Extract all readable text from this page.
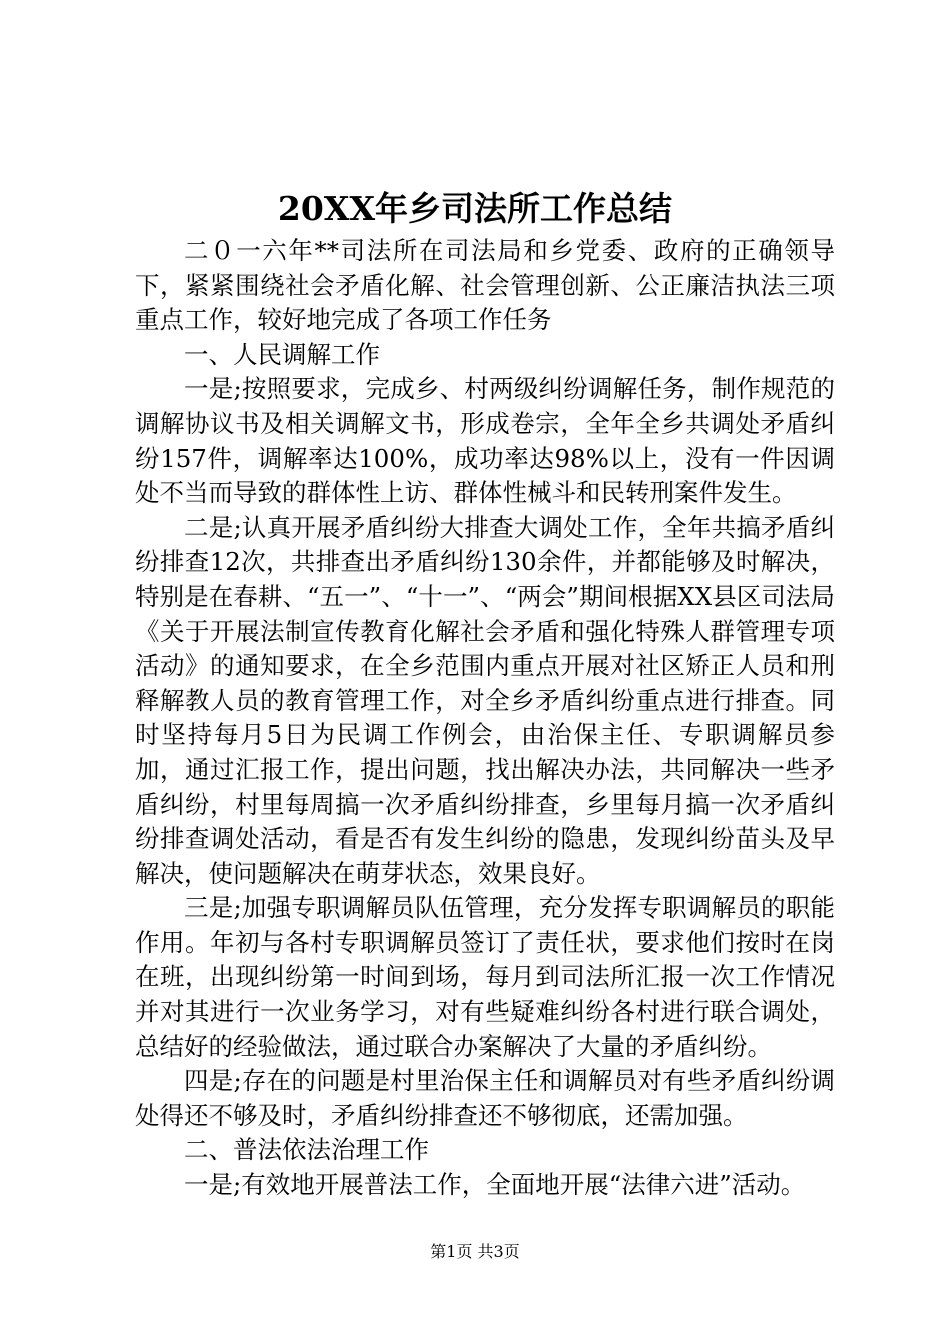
20XX年乡司法所工作总结

二０一六年**司法所在司法局和乡党委、政府的正确领导下，紧紧围绕社会矛盾化解、社会管理创新、公正廉洁执法三项重点工作，较好地完成了各项工作任务

一、人民调解工作

一是;按照要求，完成乡、村两级纠纷调解任务，制作规范的调解协议书及相关调解文书，形成卷宗，全年全乡共调处矛盾纠纷157件，调解率达100%，成功率达98%以上，没有一件因调处不当而导致的群体性上访、群体性械斗和民转刑案件发生。

二是;认真开展矛盾纠纷大排查大调处工作，全年共搞矛盾纠纷排查12次，共排查出矛盾纠纷130余件，并都能够及时解决，特别是在春耕、“五一”、“十一”、“两会”期间根据XX县区司法局《关于开展法制宣传教育化解社会矛盾和强化特殊人群管理专项活动》的通知要求，在全乡范围内重点开展对社区矫正人员和刑释解教人员的教育管理工作，对全乡矛盾纠纷重点进行排查。同时坚持每月5日为民调工作例会，由治保主任、专职调解员参加，通过汇报工作，提出问题，找出解决办法，共同解决一些矛盾纠纷，村里每周搞一次矛盾纠纷排查，乡里每月搞一次矛盾纠纷排查调处活动，看是否有发生纠纷的隐患，发现纠纷苗头及早解决，使问题解决在萌芽状态，效果良好。

三是;加强专职调解员队伍管理，充分发挥专职调解员的职能作用。年初与各村专职调解员签订了责任状，要求他们按时在岗在班，出现纠纷第一时间到场，每月到司法所汇报一次工作情况并对其进行一次业务学习，对有些疑难纠纷各村进行联合调处，总结好的经验做法，通过联合办案解决了大量的矛盾纠纷。

四是;存在的问题是村里治保主任和调解员对有些矛盾纠纷调处得还不够及时，矛盾纠纷排查还不够彻底，还需加强。

二、普法依法治理工作

一是;有效地开展普法工作，全面地开展“法律六进”活动。

第1页 共3页
